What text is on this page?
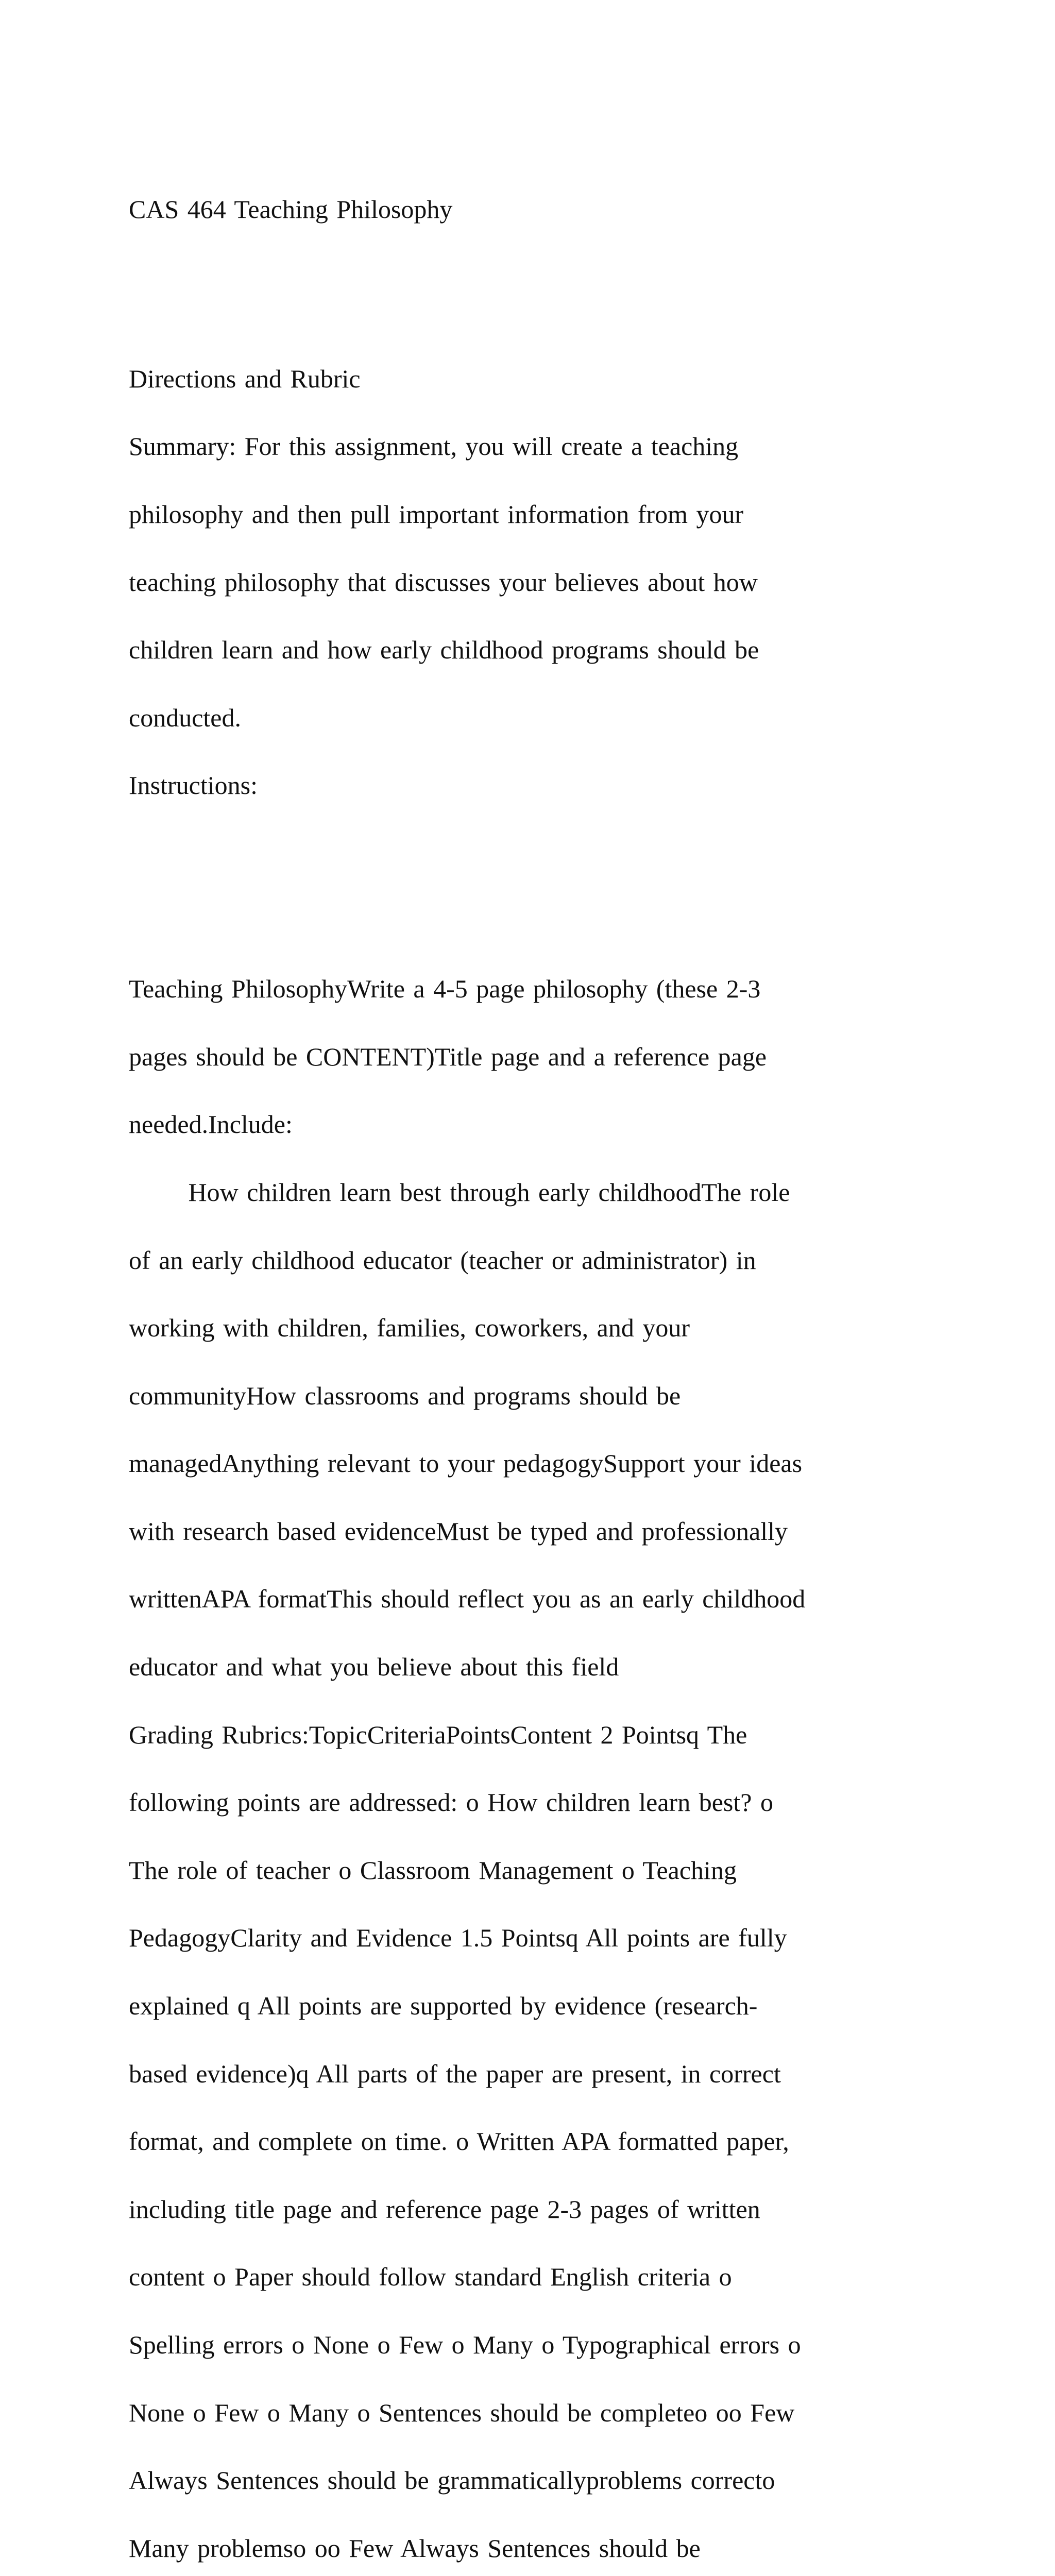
CAS 464 Teaching Philosophy

Directions and Rubric

Summary: For this assignment, you will create a teaching

philosophy and then pull important information from your

teaching philosophy that discusses your believes about how

children learn and how early childhood programs should be

conducted.

Instructions:

Teaching PhilosophyWrite a 4-5 page philosophy (these 2-3

pages should be CONTENT)Title page and a reference page

needed.Include:

How children learn best through early childhoodThe role

of an early childhood educator (teacher or administrator) in

working with children, families, coworkers, and your

communityHow classrooms and programs should be

managedAnything relevant to your pedagogySupport your ideas

with research based evidenceMust be typed and professionally

writtenAPA formatThis should reflect you as an early childhood

educator and what you believe about this field

Grading Rubrics:TopicCriteriaPointsContent 2 Pointsq The

following points are addressed: o How children learn best? o

The role of teacher o Classroom Management o Teaching

PedagogyClarity and Evidence 1.5 Pointsq All points are fully

explained q All points are supported by evidence (research-

based evidence)q All parts of the paper are present, in correct

format, and complete on time. o Written APA formatted paper,

including title page and reference page 2-3 pages of written

content o Paper should follow standard English criteria o

Spelling errors o None o Few o Many o Typographical errors o

None o Few o Many o Sentences should be completeo oo Few

Always Sentences should be grammaticallyproblems correcto

Many problemso oo Few Always Sentences should be
